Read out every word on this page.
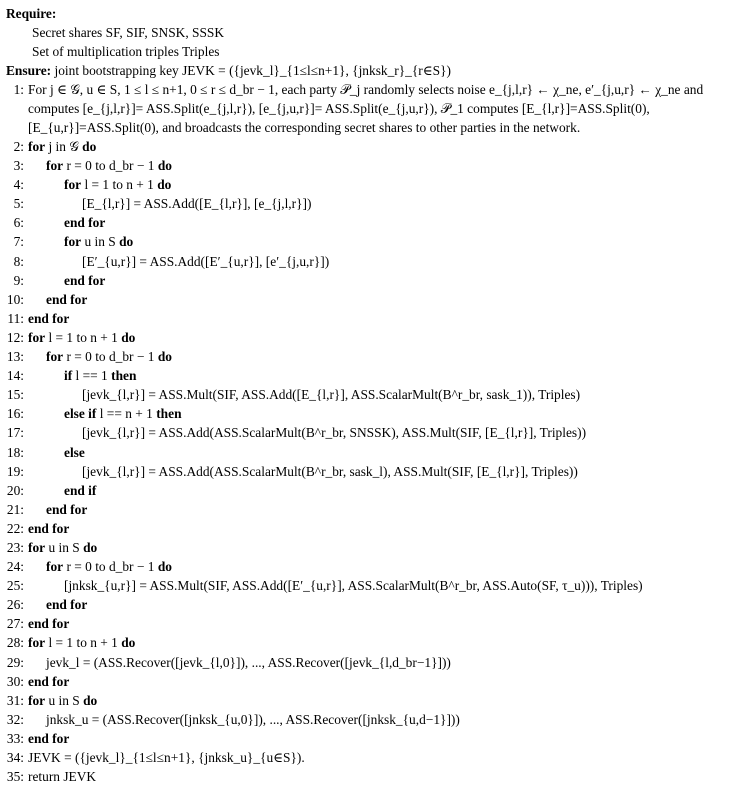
Require:
Secret shares SF, SIF, SNSK, SSSK
Set of multiplication triples Triples
Ensure: joint bootstrapping key JEVK = ({jevk_l}_{1≤l≤n+1}, {jnksk_r}_{r∈S})
1: For j ∈ 𝒢, u ∈ S, 1 ≤ l ≤ n+1, 0 ≤ r ≤ d_br − 1, each party 𝒫_j randomly selects noise e_{j,l,r} ← χ_ne, e′_{j,u,r} ← χ_ne and computes [e_{j,l,r}]= ASS.Split(e_{j,l,r}), [e_{j,u,r}]= ASS.Split(e_{j,u,r}), 𝒫_1 computes [E_{l,r}]=ASS.Split(0), [E_{u,r}]=ASS.Split(0), and broadcasts the corresponding secret shares to other parties in the network.
2: for j in 𝒢 do
3:	for r = 0 to d_br − 1 do
4:	for l = 1 to n + 1 do
5:	[E_{l,r}] = ASS.Add([E_{l,r}], [e_{j,l,r}])
6:	end for
7:	for u in S do
8:	[E′_{u,r}] = ASS.Add([E′_{u,r}], [e′_{j,u,r}])
9:	end for
10:	end for
11: end for
12: for l = 1 to n + 1 do
13:	for r = 0 to d_br − 1 do
14:	if l == 1 then
15:	[jevk_{l,r}] = ASS.Mult(SIF, ASS.Add([E_{l,r}], ASS.ScalarMult(B^r_br, sask_1)), Triples)
16:	else if l == n + 1 then
17:	[jevk_{l,r}] = ASS.Add(ASS.ScalarMult(B^r_br, SNSSK), ASS.Mult(SIF, [E_{l,r}], Triples))
18:	else
19:	[jevk_{l,r}] = ASS.Add(ASS.ScalarMult(B^r_br, sask_l), ASS.Mult(SIF, [E_{l,r}], Triples))
20:	end if
21:	end for
22: end for
23: for u in S do
24:	for r = 0 to d_br − 1 do
25:	[jnksk_{u,r}] = ASS.Mult(SIF, ASS.Add([E′_{u,r}], ASS.ScalarMult(B^r_br, ASS.Auto(SF, τ_u))), Triples)
26:	end for
27: end for
28: for l = 1 to n + 1 do
29:	jevk_l = (ASS.Recover([jevk_{l,0}]), ..., ASS.Recover([jevk_{l,d_br−1}]))
30: end for
31: for u in S do
32:	jnksk_u = (ASS.Recover([jnksk_{u,0}]), ..., ASS.Recover([jnksk_{u,d−1}]))
33: end for
34: JEVK = ({jevk_l}_{1≤l≤n+1}, {jnksk_u}_{u∈S}).
35: return JEVK
